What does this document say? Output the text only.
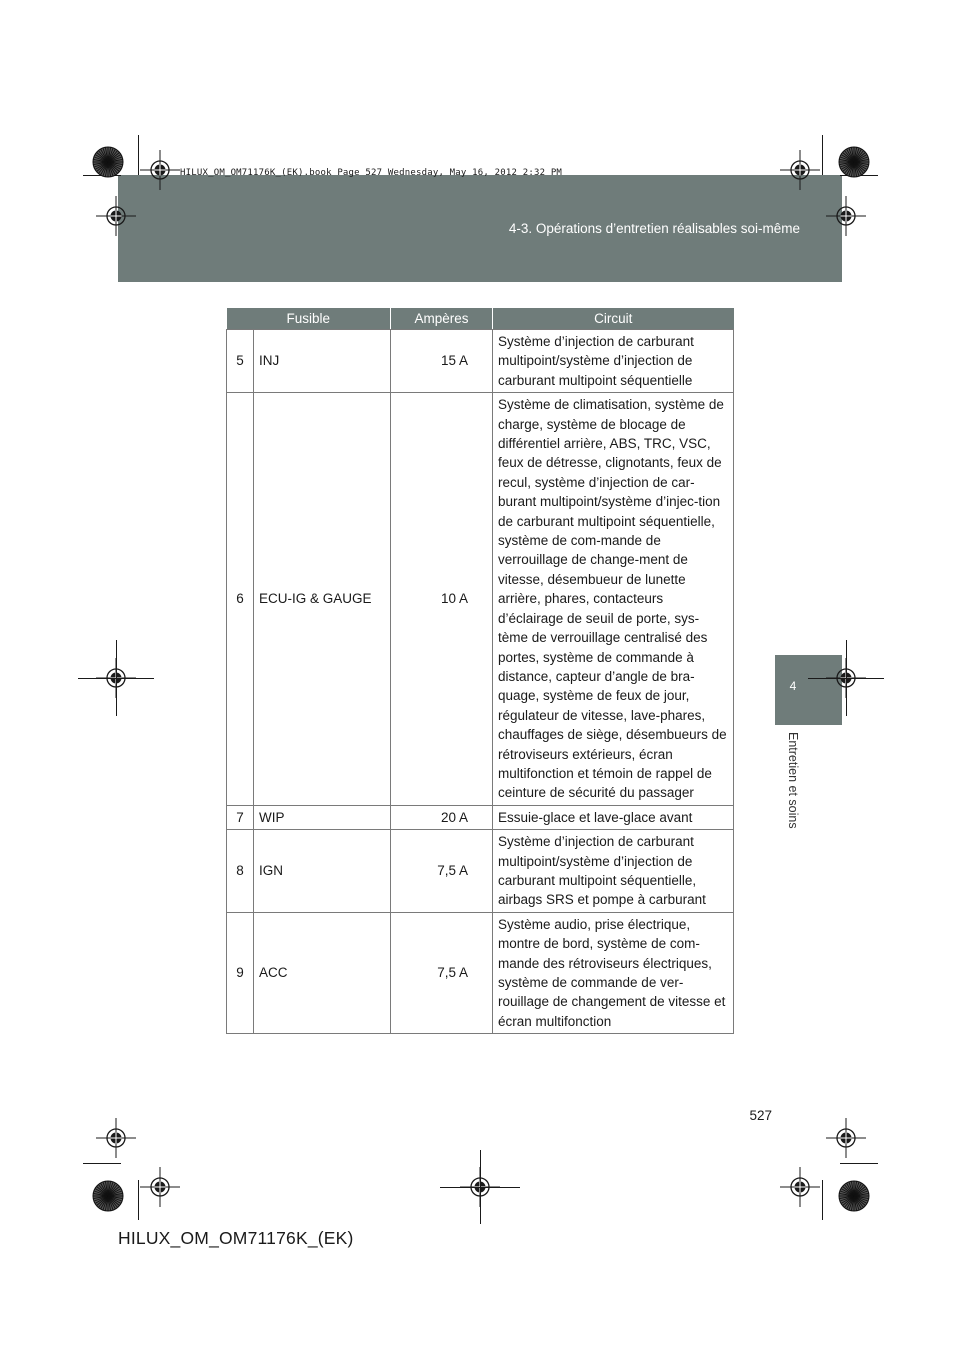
HILUX_OM_OM71176K_(EK).book Page 527 Wednesday, May 16, 2012 2:32 PM
4-3. Opérations d’entretien réalisables soi-même
4
Entretien et soins
Fusible		Ampères	Circuit
5	INJ	15 A	Système d’injection de carburant multipoint/système d’injection de carburant multipoint séquentielle
6	ECU-IG & GAUGE	10 A	Système de climatisation, système de charge, système de blocage de différentiel arrière, ABS, TRC, VSC, feux de détresse, clignotants, feux de recul, système d’injection de car-burant multipoint/système d’injec-tion de carburant multipoint séquentielle, système de com-mande de verrouillage de change-ment de vitesse, désembueur de lunette arrière, phares, contacteurs d’éclairage de seuil de porte, sys-tème de verrouillage centralisé des portes, système de commande à distance, capteur d’angle de bra-quage, système de feux de jour, régulateur de vitesse, lave-phares, chauffages de siège, désembueurs de rétroviseurs extérieurs, écran multifonction et témoin de rappel de ceinture de sécurité du passager
7	WIP	20 A	Essuie-glace et lave-glace avant
8	IGN	7,5 A	Système d’injection de carburant multipoint/système d’injection de carburant multipoint séquentielle, airbags SRS et pompe à carburant
9	ACC	7,5 A	Système audio, prise électrique, montre de bord, système de com-mande des rétroviseurs électriques, système de commande de ver-rouillage de changement de vitesse et écran multifonction
527
HILUX_OM_OM71176K_(EK)
